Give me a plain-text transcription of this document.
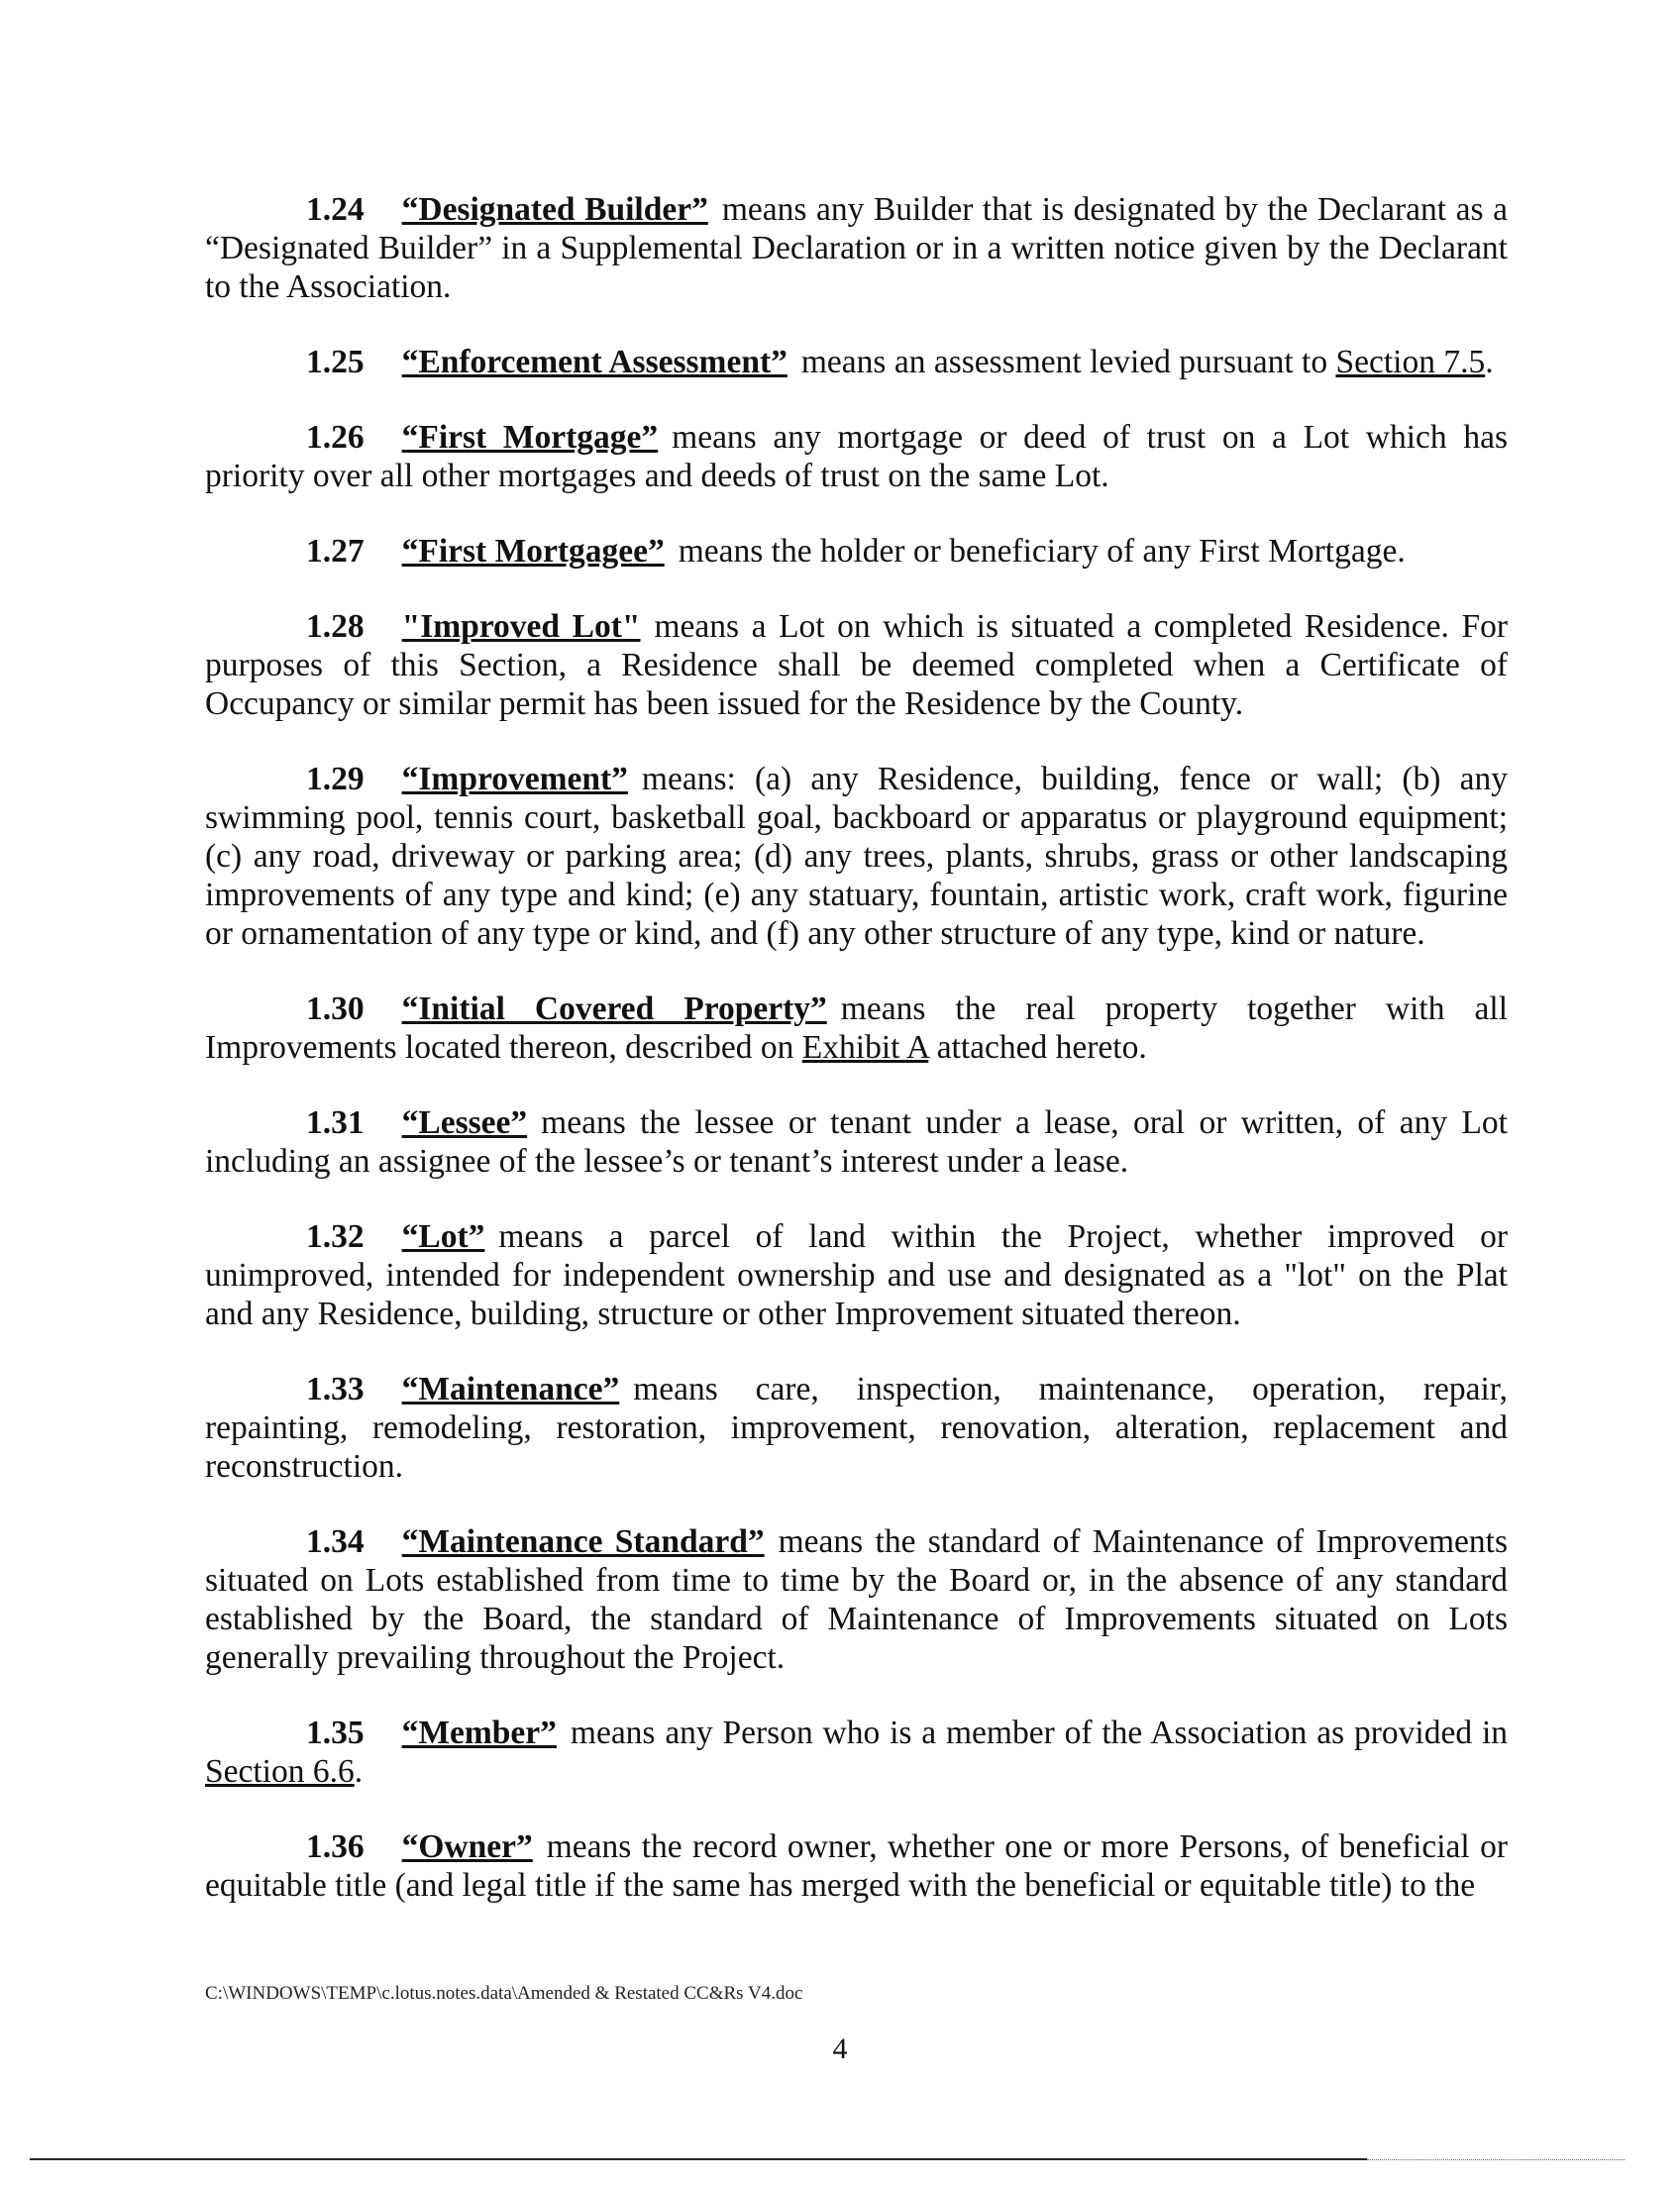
1.24 “Designated Builder” means any Builder that is designated by the Declarant as a “Designated Builder” in a Supplemental Declaration or in a written notice given by the Declarant to the Association.

1.25 “Enforcement Assessment” means an assessment levied pursuant to Section 7.5.

1.26 “First Mortgage” means any mortgage or deed of trust on a Lot which has priority over all other mortgages and deeds of trust on the same Lot.

1.27 “First Mortgagee” means the holder or beneficiary of any First Mortgage.

1.28 "Improved Lot" means a Lot on which is situated a completed Residence. For purposes of this Section, a Residence shall be deemed completed when a Certificate of Occupancy or similar permit has been issued for the Residence by the County.

1.29 “Improvement” means: (a) any Residence, building, fence or wall; (b) any swimming pool, tennis court, basketball goal, backboard or apparatus or playground equipment; (c) any road, driveway or parking area; (d) any trees, plants, shrubs, grass or other landscaping improvements of any type and kind; (e) any statuary, fountain, artistic work, craft work, figurine or ornamentation of any type or kind, and (f) any other structure of any type, kind or nature.

1.30 “Initial Covered Property” means the real property together with all Improvements located thereon, described on Exhibit A attached hereto.

1.31 “Lessee” means the lessee or tenant under a lease, oral or written, of any Lot including an assignee of the lessee’s or tenant’s interest under a lease.

1.32 “Lot” means a parcel of land within the Project, whether improved or unimproved, intended for independent ownership and use and designated as a "lot" on the Plat and any Residence, building, structure or other Improvement situated thereon.

1.33 “Maintenance” means care, inspection, maintenance, operation, repair, repainting, remodeling, restoration, improvement, renovation, alteration, replacement and reconstruction.

1.34 “Maintenance Standard” means the standard of Maintenance of Improvements situated on Lots established from time to time by the Board or, in the absence of any standard established by the Board, the standard of Maintenance of Improvements situated on Lots generally prevailing throughout the Project.

1.35 “Member” means any Person who is a member of the Association as provided in Section 6.6.

1.36 “Owner” means the record owner, whether one or more Persons, of beneficial or equitable title (and legal title if the same has merged with the beneficial or equitable title) to the

C:\WINDOWS\TEMP\c.lotus.notes.data\Amended & Restated CC&Rs V4.doc
4
